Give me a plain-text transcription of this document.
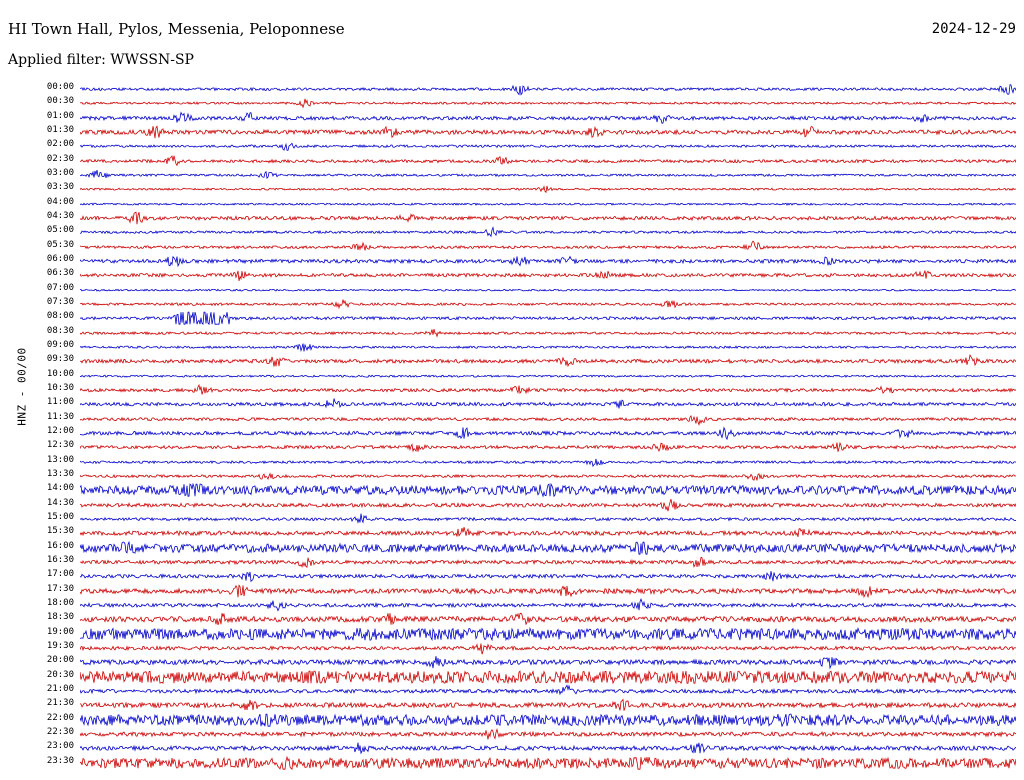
HI Town Hall, Pylos, Messenia, Peloponnese	2024-12-29
Applied filter: WWSSN-SP
HNZ - 00/00
00:00
00:30
01:00
01:30
02:00
02:30
03:00
03:30
04:00
04:30
05:00
05:30
06:00
06:30
07:00
07:30
08:00
08:30
09:00
09:30
10:00
10:30
11:00
11:30
12:00
12:30
13:00
13:30
14:00
14:30
15:00
15:30
16:00
16:30
17:00
17:30
18:00
18:30
19:00
19:30
20:00
20:30
21:00
21:30
22:00
22:30
23:00
23:30
